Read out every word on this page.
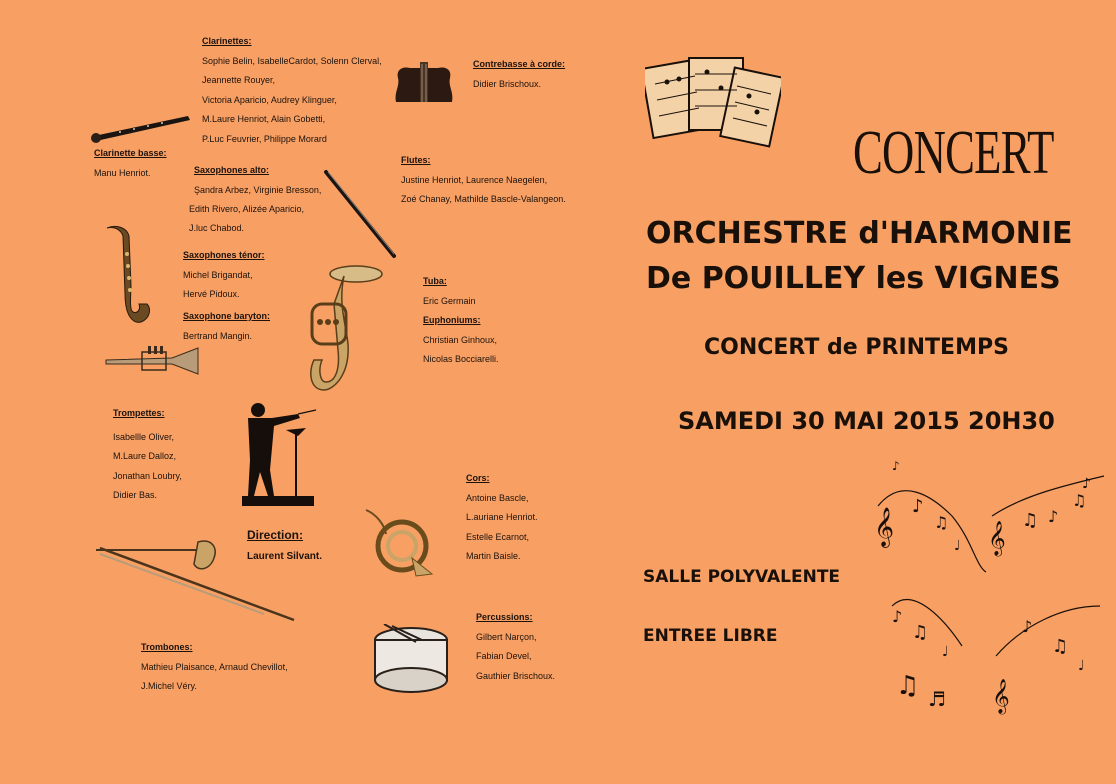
Clarinettes:
Sophie Belin, IsabelleCardot, Solenn Clerval,
Jeannette Rouyer,
Victoria Aparicio, Audrey Klinguer,
M.Laure Henriot, Alain Gobetti,
P.Luc Feuvrier, Philippe Morard
Clarinette basse:
Manu Henriot.	Saxophones alto:
Şandra Arbez, Virginie Bresson,
Edith Rivero, Alizée Aparicio,
J.luc Chabod.
Saxophones ténor:
Michel Brigandat,
Hervé Pidoux.
Saxophone baryton:
Bertrand Mangin.
Contrebasse à corde:
Didier Brischoux.
Flutes:
Justine Henriot, Laurence Naegelen,
Zoé Chanay, Mathilde Bascle-Valangeon.
Tuba:
Eric Germain
Euphoniums:
Christian Ginhoux,
Nicolas Bocciarelli.
Trompettes:
Isabellle Oliver,
M.Laure Dalloz,
Jonathan Loubry,
Didier Bas.
Direction:
Laurent Silvant.
Cors:
Antoine Bascle,
L.auriane Henriot.
Estelle Ecarnot,
Martin Baisle.
Trombones:
Mathieu Plaisance, Arnaud Chevillot,
J.Michel Véry.
Percussions:
Gilbert Narçon,
Fabian Devel,
Gauthier Brischoux.
CONCERT
ORCHESTRE d'HARMONIE
De POUILLEY les VIGNES
CONCERT de PRINTEMPS
SAMEDI 30 MAI 2015 20H30
SALLE POLYVALENTE
ENTREE LIBRE
𝄞	𝄞
𝄞
♪
♫
♩
♫ ♪
♫
♪
♫
♩
♫ ♬
♪
♫
♩
♪
♪
